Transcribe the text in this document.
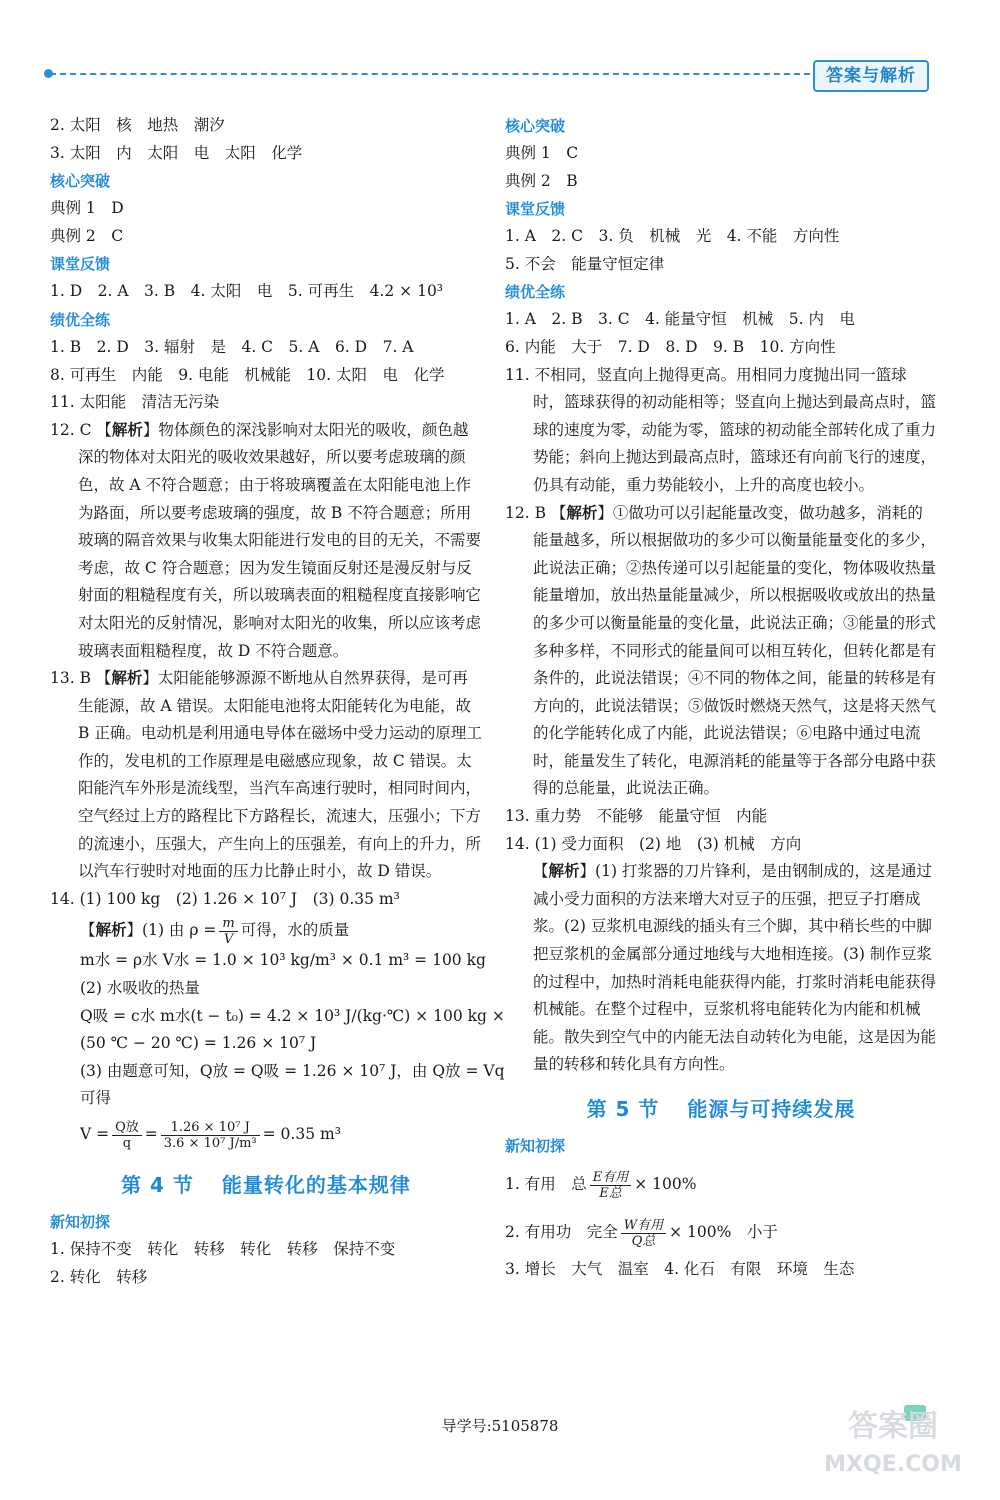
答案与解析
2. 太阳　核　地热　潮汐
3. 太阳　内　太阳　电　太阳　化学
核心突破
典例 1　D
典例 2　C
课堂反馈
1. D　2. A　3. B　4. 太阳　电　5. 可再生　4.2 × 10³
绩优全练
1. B　2. D　3. 辐射　是　4. C　5. A　6. D　7. A
8. 可再生　内能　9. 电能　机械能　10. 太阳　电　化学
11. 太阳能　清洁无污染
12. C 【解析】物体颜色的深浅影响对太阳光的吸收，颜色越深的物体对太阳光的吸收效果越好，所以要考虑玻璃的颜色，故 A 不符合题意；由于将玻璃覆盖在太阳能电池上作为路面，所以要考虑玻璃的强度，故 B 不符合题意；所用玻璃的隔音效果与收集太阳能进行发电的目的无关，不需要考虑，故 C 符合题意；因为发生镜面反射还是漫反射与反射面的粗糙程度有关，所以玻璃表面的粗糙程度直接影响它对太阳光的反射情况，影响对太阳光的收集，所以应该考虑玻璃表面粗糙程度，故 D 不符合题意。
13. B 【解析】太阳能能够源源不断地从自然界获得，是可再生能源，故 A 错误。太阳能电池将太阳能转化为电能，故 B 正确。电动机是利用通电导体在磁场中受力运动的原理工作的，发电机的工作原理是电磁感应现象，故 C 错误。太阳能汽车外形是流线型，当汽车高速行驶时，相同时间内，空气经过上方的路程比下方路程长，流速大，压强小；下方的流速小，压强大，产生向上的压强差，有向上的升力，所以汽车行驶时对地面的压力比静止时小，故 D 错误。
14. (1) 100 kg　(2) 1.26 × 10⁷ J　(3) 0.35 m³
【解析】(1) 由 $\rho = \frac{m}{V}$ 可得，水的质量
m水 = ρ水 V水 = 1.0 × 10³ kg/m³ × 0.1 m³ = 100 kg
(2) 水吸收的热量
Q吸 = c水 m水(t − t₀) = 4.2 × 10³ J/(kg·℃) × 100 kg ×
(50 ℃ − 20 ℃) = 1.26 × 10⁷ J
(3) 由题意可知，Q放 = Q吸 = 1.26 × 10⁷ J，由 Q放 = Vq
可得
$V = \frac{\text{Q放}}{q} = \frac{\text{1.26 × 10⁷ J}}{\text{3.6 × 10⁷ J/m³}} = 0.35$ m³
第 4 节 能量转化的基本规律
新知初探
1. 保持不变　转化　转移　转化　转移　保持不变
2. 转化　转移
核心突破
典例 1　C
典例 2　B
课堂反馈
1. A　2. C　3. 负　机械　光　4. 不能　方向性
5. 不会　能量守恒定律
绩优全练
1. A　2. B　3. C　4. 能量守恒　机械　5. 内　电
6. 内能　大于　7. D　8. D　9. B　10. 方向性
11. 不相同，竖直向上抛得更高。用相同力度抛出同一篮球时，篮球获得的初动能相等；竖直向上抛达到最高点时，篮球的速度为零，动能为零，篮球的初动能全部转化成了重力势能；斜向上抛达到最高点时，篮球还有向前飞行的速度，仍具有动能，重力势能较小，上升的高度也较小。
12. B 【解析】①做功可以引起能量改变，做功越多，消耗的能量越多，所以根据做功的多少可以衡量能量变化的多少，此说法正确；②热传递可以引起能量的变化，物体吸收热量能量增加，放出热量能量减少，所以根据吸收或放出的热量的多少可以衡量能量的变化量，此说法正确；③能量的形式多种多样，不同形式的能量间可以相互转化，但转化都是有条件的，此说法错误；④不同的物体之间，能量的转移是有方向的，此说法错误；⑤做饭时燃烧天然气，这是将天然气的化学能转化成了内能，此说法错误；⑥电路中通过电流时，能量发生了转化，电源消耗的能量等于各部分电路中获得的总能量，此说法正确。
13. 重力势　不能够　能量守恒　内能
14. (1) 受力面积　(2) 地　(3) 机械　方向
【解析】(1) 打浆器的刀片锋利，是由钢制成的，这是通过减小受力面积的方法来增大对豆子的压强，把豆子打磨成浆。(2) 豆浆机电源线的插头有三个脚，其中稍长些的中脚把豆浆机的金属部分通过地线与大地相连接。(3) 制作豆浆的过程中，加热时消耗电能获得内能，打浆时消耗电能获得机械能。在整个过程中，豆浆机将电能转化为内能和机械能。散失到空气中的内能无法自动转化为电能，这是因为能量的转移和转化具有方向性。
第 5 节 能源与可持续发展
新知初探
1. 有用　总 $\frac{\text{E有用}}{\text{E总}} \times 100\%$
2. 有用功　完全 $\frac{\text{W有用}}{\text{Q总}} \times 100\%$　小于
3. 增长　大气　温室　4. 化石　有限　环境　生态
导学号:5105878	答案圈
MXQE.COM
